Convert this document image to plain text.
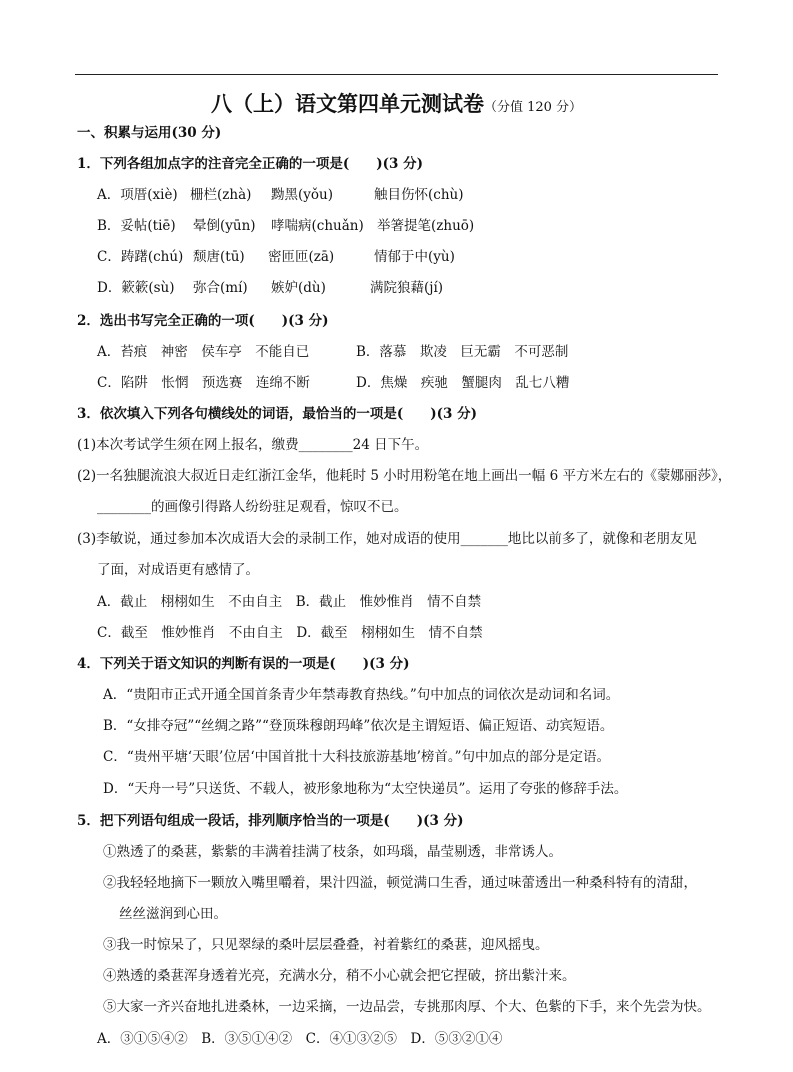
八（上）语文第四单元测试卷（分值 120 分）
一、积累与运用(30 分)
1．下列各组加点字的注音完全正确的一项是(　　)(3 分)
A．项厝(xiè) 栅栏(zhà) 黝黑(yǒu)	触目伤怀(chù)
B．妥帖(tiē) 晕倒(yūn) 哮喘病(chuǎn) 举箸提笔(zhuō)
C．踌躇(chú) 颓唐(tū) 密匝匝(zā)	情郁于中(yù)
D．簌簌(sù) 弥合(mí) 嫉妒(dù)	满院狼藉(jí)
2．选出书写完全正确的一项(　　)(3 分)
A．苔痕　神密　侯车亭　不能自已	B．落慕　欺凌　巨无霸　不可恶制
C．陷阱　怅惘　预选赛　连绵不断	D．焦燥　疾驰　蟹腿肉　乱七八糟
3．依次填入下列各句横线处的词语，最恰当的一项是(　　)(3 分)
(1)本次考试学生须在网上报名，缴费________24 日下午。
(2)一名独腿流浪大叔近日走红浙江金华，他耗时 5 小时用粉笔在地上画出一幅 6 平方米左右的《蒙娜丽莎》，
________的画像引得路人纷纷驻足观看，惊叹不已。
(3)李敏说，通过参加本次成语大会的录制工作，她对成语的使用_______地比以前多了，就像和老朋友见
了面，对成语更有感情了。
A．截止　栩栩如生　不由自主　B．截止　惟妙惟肖　情不自禁
C．截至　惟妙惟肖　不由自主　D．截至　栩栩如生　情不自禁
4．下列关于语文知识的判断有误的一项是(　　)(3 分)
A．“贵阳市正式开通全国首条青少年禁毒教育热线。”句中加点的词依次是动词和名词。
B．“女排夺冠”“丝绸之路”“登顶珠穆朗玛峰”依次是主谓短语、偏正短语、动宾短语。
C．“贵州平塘‘天眼’位居‘中国首批十大科技旅游基地’榜首。”句中加点的部分是定语。
D．“天舟一号”只送货、不载人，被形象地称为“太空快递员”。运用了夸张的修辞手法。
5．把下列语句组成一段话，排列顺序恰当的一项是(　　)(3 分)
①熟透了的桑葚，紫紫的丰满着挂满了枝条，如玛瑙，晶莹剔透，非常诱人。
②我轻轻地摘下一颗放入嘴里嚼着，果汁四溢，顿觉满口生香，通过味蕾透出一种桑科特有的清甜，
丝丝滋润到心田。
③我一时惊呆了，只见翠绿的桑叶层层叠叠，衬着紫红的桑葚，迎风摇曳。
④熟透的桑葚浑身透着光亮，充满水分，稍不小心就会把它捏破，挤出紫汁来。
⑤大家一齐兴奋地扎进桑林，一边采摘，一边品尝，专挑那肉厚、个大、色紫的下手，来个先尝为快。
A．③①⑤④②　B．③⑤①④②　C．④①③②⑤　D．⑤③②①④
